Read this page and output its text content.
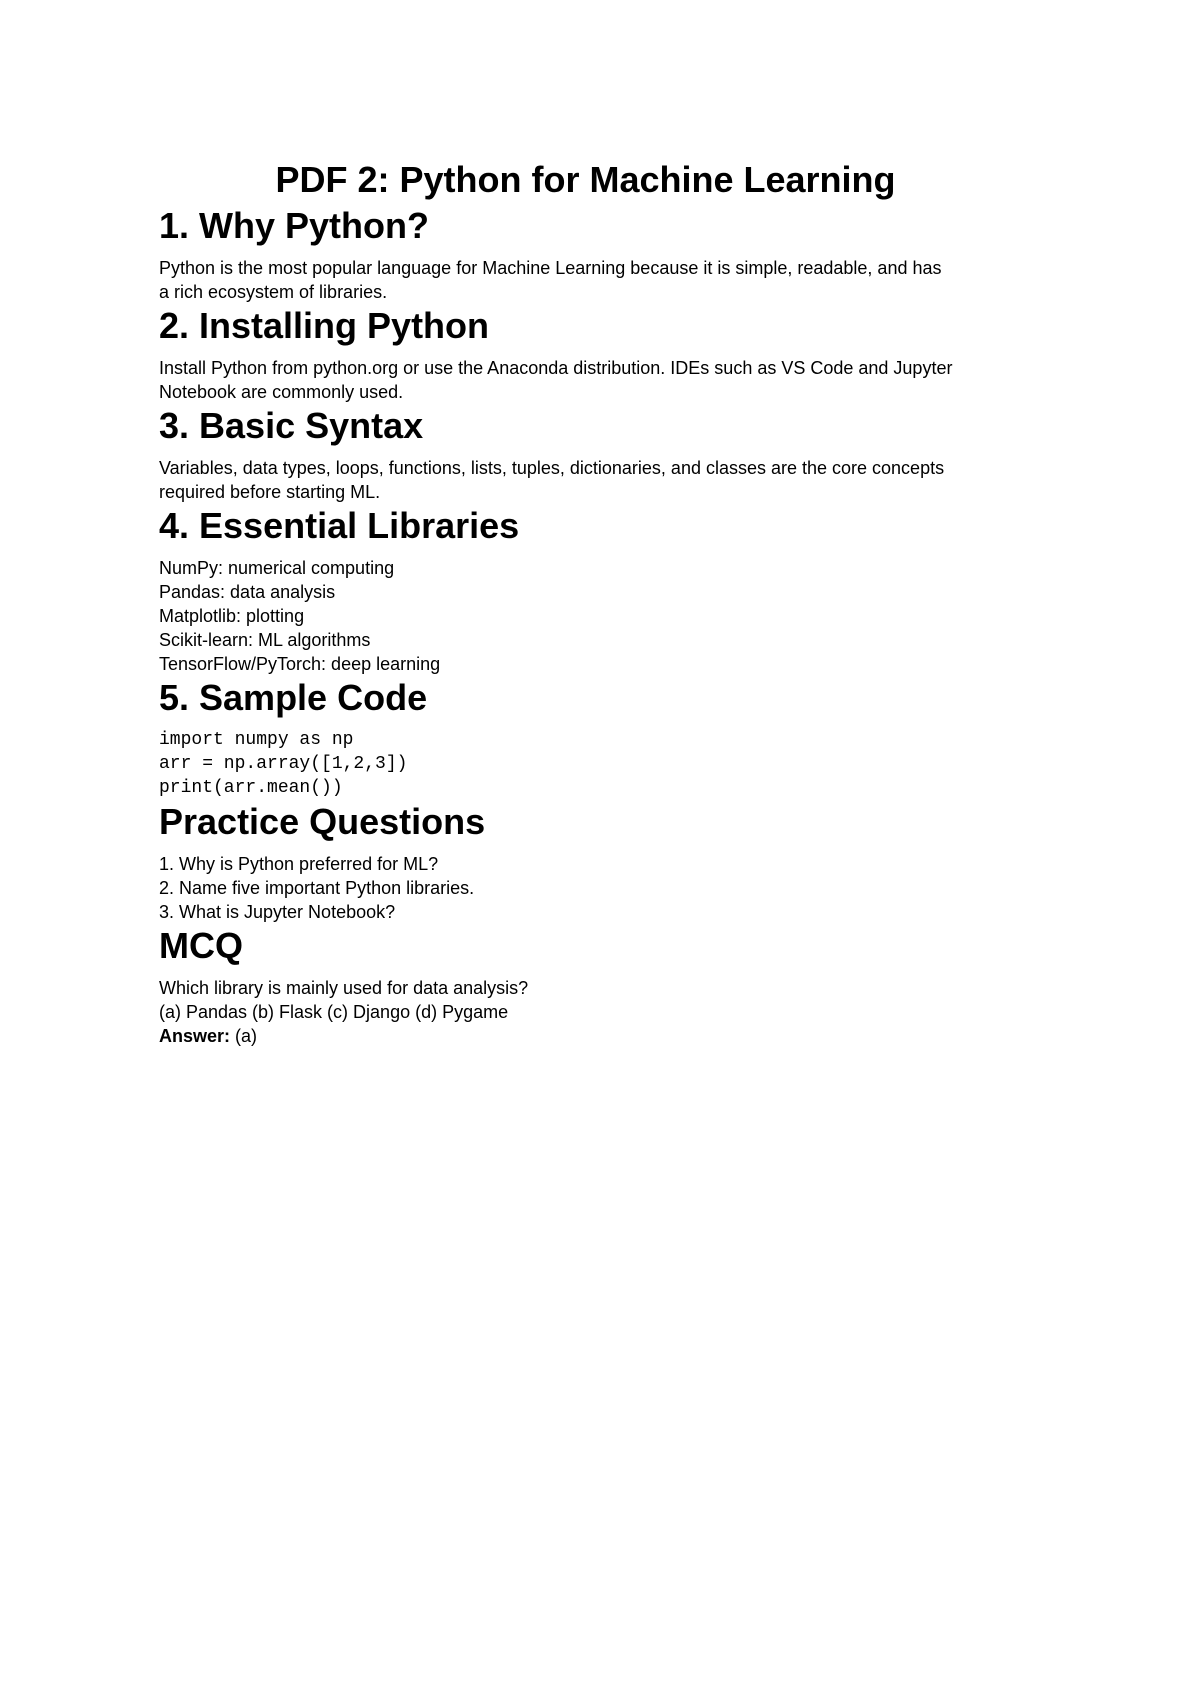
PDF 2: Python for Machine Learning
1. Why Python?

Python is the most popular language for Machine Learning because it is simple, readable, and has

a rich ecosystem of libraries.

2. Installing Python

Install Python from python.org or use the Anaconda distribution. IDEs such as VS Code and Jupyter

Notebook are commonly used.

3. Basic Syntax

Variables, data types, loops, functions, lists, tuples, dictionaries, and classes are the core concepts

required before starting ML.

4. Essential Libraries
NumPy: numerical computing
Pandas: data analysis
Matplotlib: plotting
Scikit-learn: ML algorithms
TensorFlow/PyTorch: deep learning
5. Sample Code
import numpy as np
arr = np.array([1,2,3])
print(arr.mean())
Practice Questions
1. Why is Python preferred for ML?
2. Name five important Python libraries.
3. What is Jupyter Notebook?
MCQ

Which library is mainly used for data analysis?

(a) Pandas (b) Flask (c) Django (d) Pygame

Answer: (a)
